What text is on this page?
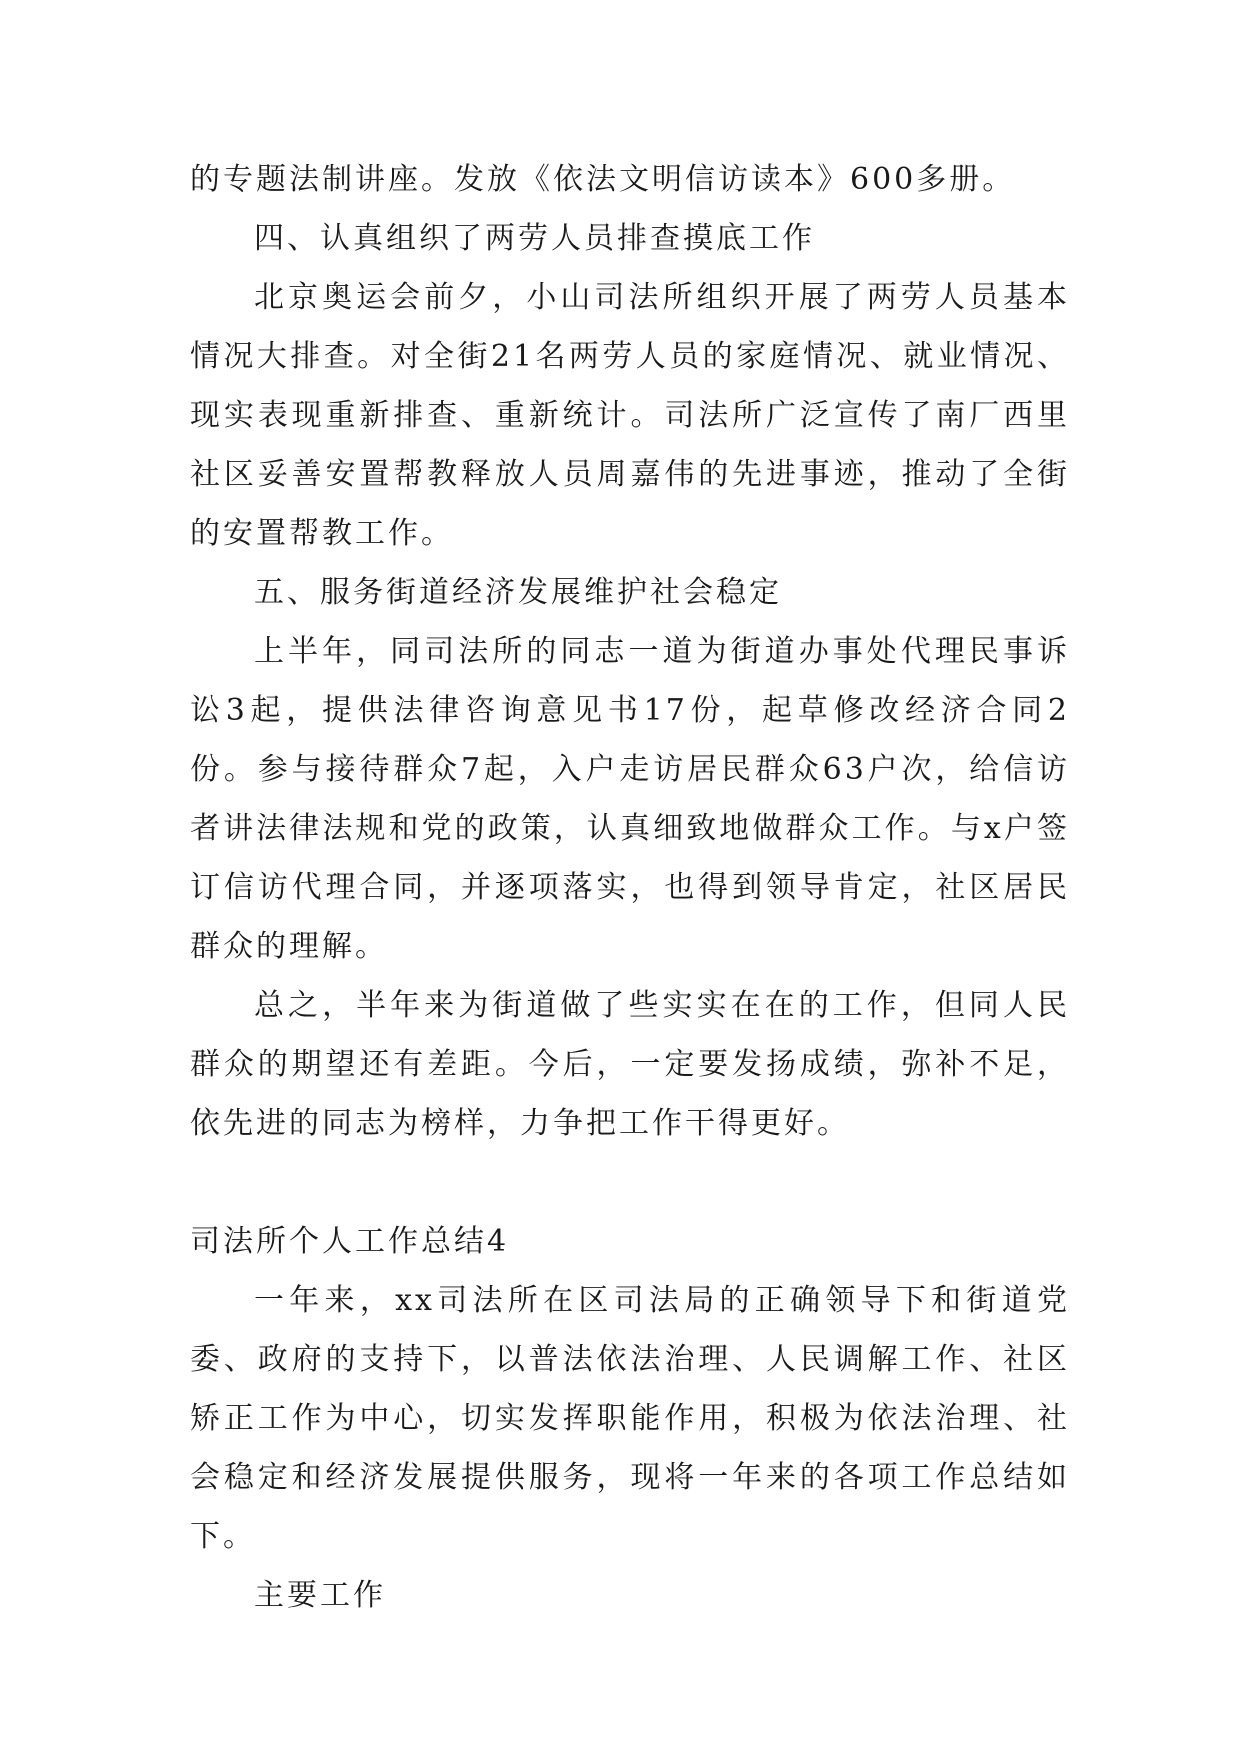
的专题法制讲座。发放《依法文明信访读本》600多册。

四、认真组织了两劳人员排查摸底工作

北京奥运会前夕，小山司法所组织开展了两劳人员基本情况大排查。对全街21名两劳人员的家庭情况、就业情况、现实表现重新排查、重新统计。司法所广泛宣传了南厂西里社区妥善安置帮教释放人员周嘉伟的先进事迹，推动了全街的安置帮教工作。

五、服务街道经济发展维护社会稳定

上半年，同司法所的同志一道为街道办事处代理民事诉讼3起，提供法律咨询意见书17份，起草修改经济合同2份。参与接待群众7起，入户走访居民群众63户次，给信访者讲法律法规和党的政策，认真细致地做群众工作。与x户签订信访代理合同，并逐项落实，也得到领导肯定，社区居民群众的理解。

总之，半年来为街道做了些实实在在的工作，但同人民群众的期望还有差距。今后，一定要发扬成绩，弥补不足，依先进的同志为榜样，力争把工作干得更好。

司法所个人工作总结4

一年来，xx司法所在区司法局的正确领导下和街道党委、政府的支持下，以普法依法治理、人民调解工作、社区矫正工作为中心，切实发挥职能作用，积极为依法治理、社会稳定和经济发展提供服务，现将一年来的各项工作总结如下。

主要工作
